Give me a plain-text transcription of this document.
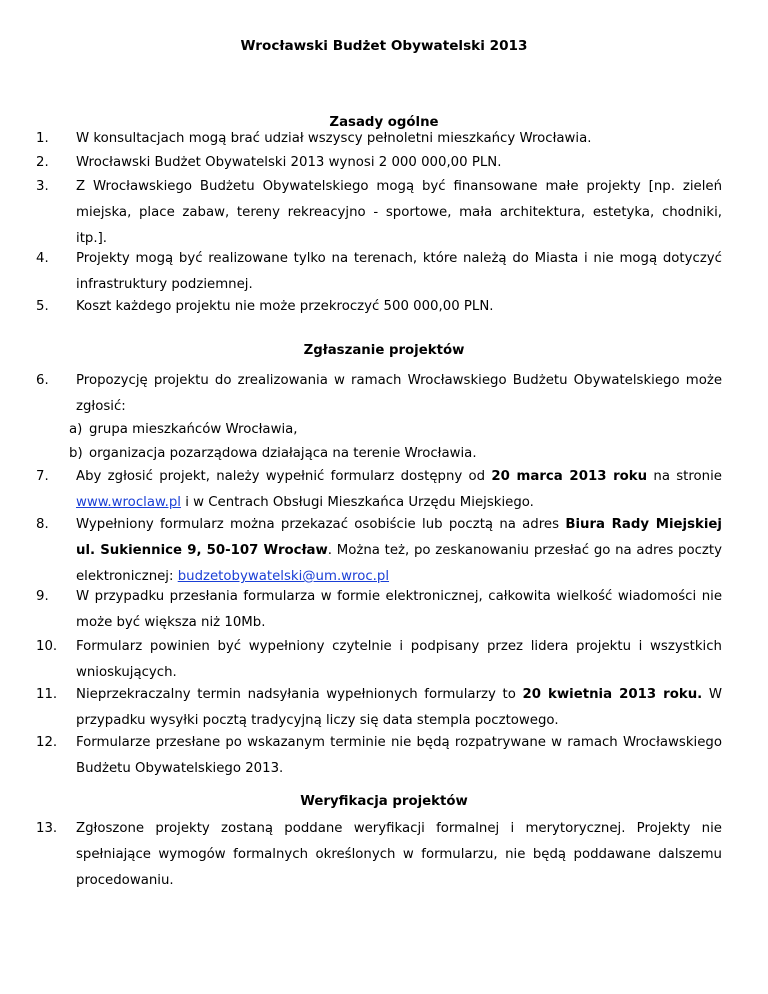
Wrocławski Budżet Obywatelski 2013
Zasady ogólne
1. W konsultacjach mogą brać udział wszyscy pełnoletni mieszkańcy Wrocławia.
2. Wrocławski Budżet Obywatelski 2013 wynosi 2 000 000,00 PLN.
3. Z Wrocławskiego Budżetu Obywatelskiego mogą być finansowane małe projekty [np. zieleń miejska, place zabaw, tereny rekreacyjno - sportowe, mała architektura, estetyka, chodniki, itp.].
4. Projekty mogą być realizowane tylko na terenach, które należą do Miasta i nie mogą dotyczyć infrastruktury podziemnej.
5. Koszt każdego projektu nie może przekroczyć 500 000,00 PLN.
Zgłaszanie projektów
6. Propozycję projektu do zrealizowania w ramach Wrocławskiego Budżetu Obywatelskiego może zgłosić:
a) grupa mieszkańców Wrocławia,
b) organizacja pozarządowa działająca na terenie Wrocławia.
7. Aby zgłosić projekt, należy wypełnić formularz dostępny od 20 marca 2013 roku na stronie www.wroclaw.pl i w Centrach Obsługi Mieszkańca Urzędu Miejskiego.
8. Wypełniony formularz można przekazać osobiście lub pocztą na adres Biura Rady Miejskiej ul. Sukiennice 9, 50-107 Wrocław. Można też, po zeskanowaniu przesłać go na adres poczty elektronicznej: budzetobywatelski@um.wroc.pl
9. W przypadku przesłania formularza w formie elektronicznej, całkowita wielkość wiadomości nie może być większa niż 10Mb.
10. Formularz powinien być wypełniony czytelnie i podpisany przez lidera projektu i wszystkich wnioskujących.
11. Nieprzekraczalny termin nadsyłania wypełnionych formularzy to 20 kwietnia 2013 roku. W przypadku wysyłki pocztą tradycyjną liczy się data stempla pocztowego.
12. Formularze przesłane po wskazanym terminie nie będą rozpatrywane w ramach Wrocławskiego Budżetu Obywatelskiego 2013.
Weryfikacja projektów
13. Zgłoszone projekty zostaną poddane weryfikacji formalnej i merytorycznej. Projekty nie spełniające wymogów formalnych określonych w formularzu, nie będą poddawane dalszemu procedowaniu.
